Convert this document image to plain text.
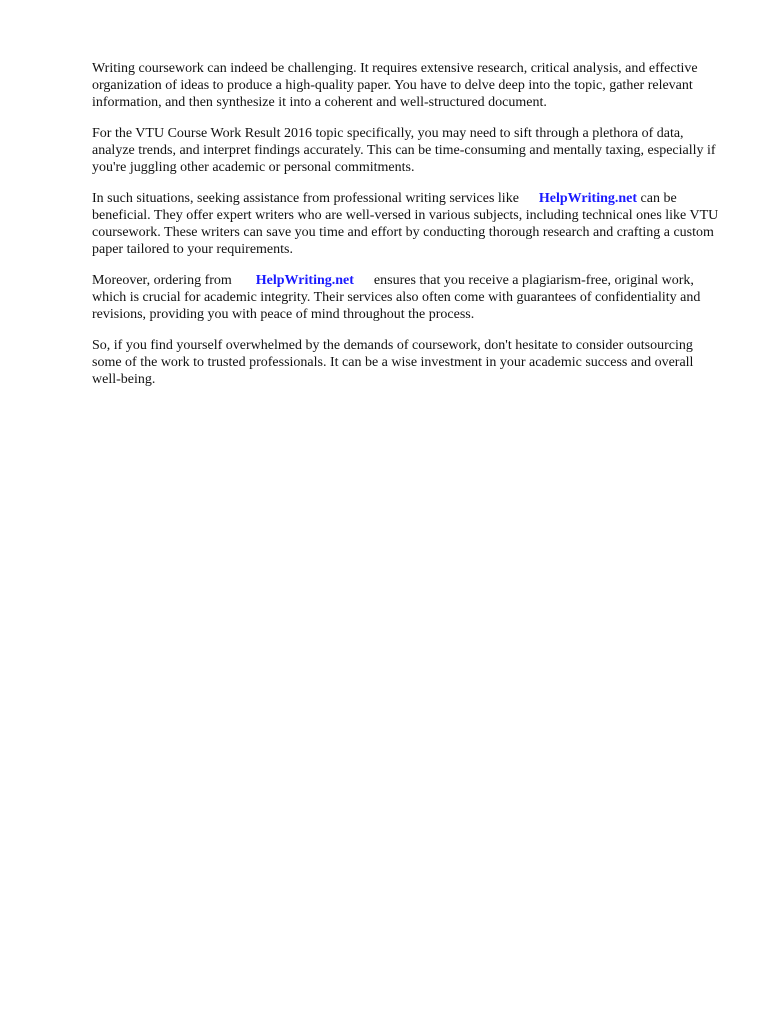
Writing coursework can indeed be challenging. It requires extensive research, critical analysis, and effective organization of ideas to produce a high-quality paper. You have to delve deep into the topic, gather relevant information, and then synthesize it into a coherent and well-structured document.

For the VTU Course Work Result 2016 topic specifically, you may need to sift through a plethora of data, analyze trends, and interpret findings accurately. This can be time-consuming and mentally taxing, especially if you're juggling other academic or personal commitments.

In such situations, seeking assistance from professional writing services like HelpWriting.net can be beneficial. They offer expert writers who are well-versed in various subjects, including technical ones like VTU coursework. These writers can save you time and effort by conducting thorough research and crafting a custom paper tailored to your requirements.

Moreover, ordering from HelpWriting.net ensures that you receive a plagiarism-free, original work, which is crucial for academic integrity. Their services also often come with guarantees of confidentiality and revisions, providing you with peace of mind throughout the process.

So, if you find yourself overwhelmed by the demands of coursework, don't hesitate to consider outsourcing some of the work to trusted professionals. It can be a wise investment in your academic success and overall well-being.
